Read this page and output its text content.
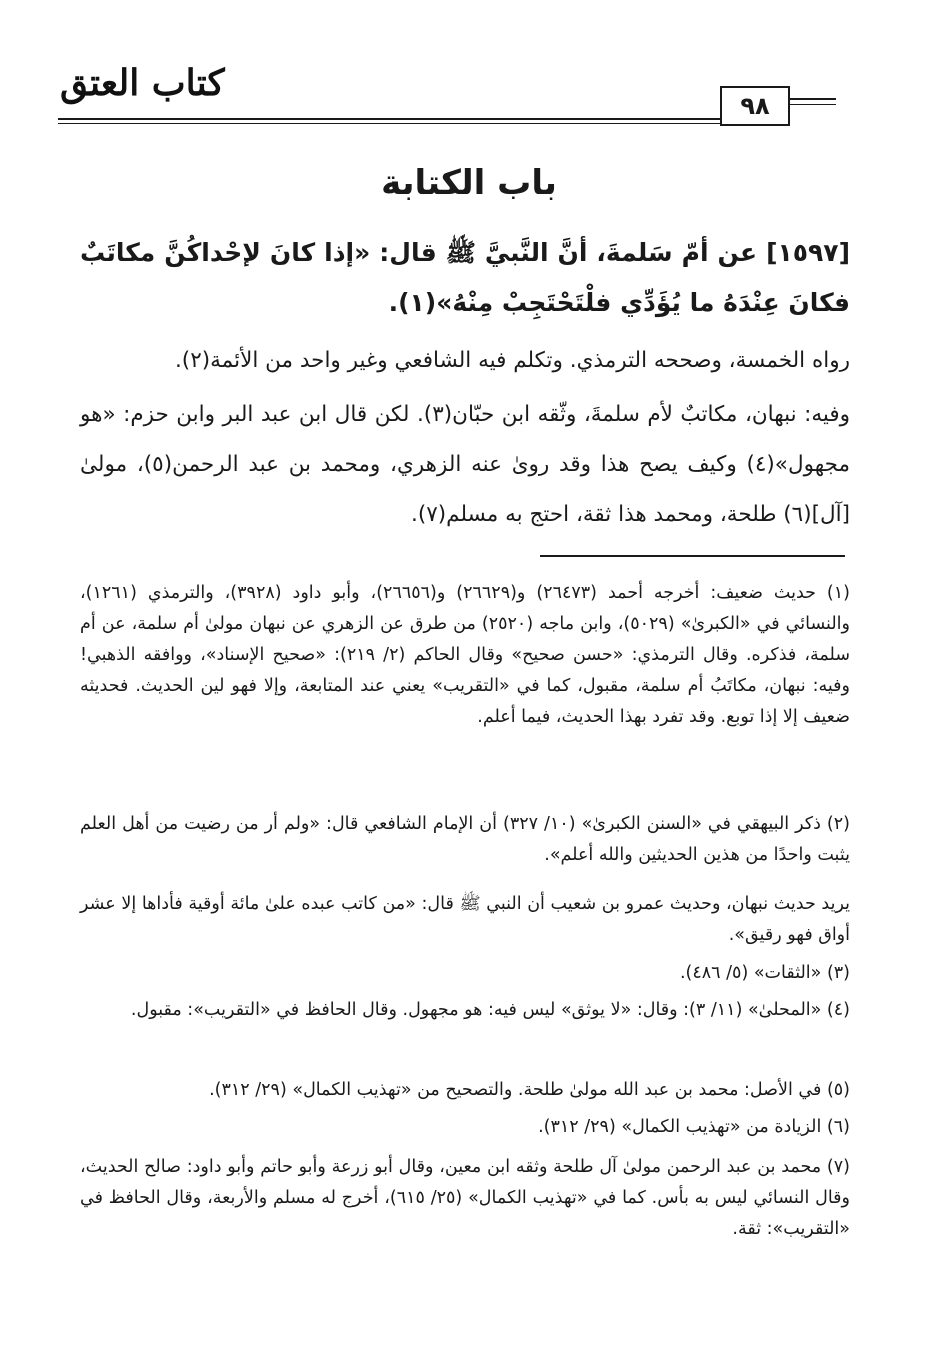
كتاب العتق
٩٨
باب الكتابة
[١٥٩٧] عن أمّ سَلمةَ، أنَّ النَّبيَّ ﷺ قال: «إذا كانَ لإحْداكُنَّ مكاتَبٌ فكانَ عِنْدَهُ ما يُؤَدِّي فلْتَحْتَجِبْ مِنْهُ»(١).
رواه الخمسة، وصححه الترمذي. وتكلم فيه الشافعي وغير واحد من الأئمة(٢).
وفيه: نبهان، مكاتبٌ لأم سلمةَ، وثّقه ابن حبّان(٣). لكن قال ابن عبد البر وابن حزم: «هو مجهول»(٤) وكيف يصح هذا وقد روىٰ عنه الزهري، ومحمد بن عبد الرحمن(٥)، مولىٰ [آل](٦) طلحة، ومحمد هذا ثقة، احتج به مسلم(٧).
(١) حديث ضعيف: أخرجه أحمد (٢٦٤٧٣) و(٢٦٦٢٩) و(٢٦٦٥٦)، وأبو داود (٣٩٢٨)، والترمذي (١٢٦١)، والنسائي في «الكبرىٰ» (٥٠٢٩)، وابن ماجه (٢٥٢٠) من طرق عن الزهري عن نبهان مولىٰ أم سلمة، عن أم سلمة، فذكره. وقال الترمذي: «حسن صحيح» وقال الحاكم (٢/ ٢١٩): «صحيح الإسناد»، ووافقه الذهبي! وفيه: نبهان، مكاتَبُ أم سلمة، مقبول، كما في «التقريب» يعني عند المتابعة، وإلا فهو لين الحديث. فحديثه ضعيف إلا إذا توبع. وقد تفرد بهذا الحديث، فيما أعلم.
(٢) ذكر البيهقي في «السنن الكبرىٰ» (١٠/ ٣٢٧) أن الإمام الشافعي قال: «ولم أر من رضيت من أهل العلم يثبت واحدًا من هذين الحديثين والله أعلم».
يريد حديث نبهان، وحديث عمرو بن شعيب أن النبي ﷺ قال: «من كاتب عبده علىٰ مائة أوقية فأداها إلا عشر أواق فهو رقيق».
(٣) «الثقات» (٥/ ٤٨٦).
(٤) «المحلىٰ» (١١/ ٣): وقال: «لا يوثق» ليس فيه: هو مجهول. وقال الحافظ في «التقريب»: مقبول.
(٥) في الأصل: محمد بن عبد الله مولىٰ طلحة. والتصحيح من «تهذيب الكمال» (٢٩/ ٣١٢).
(٦) الزيادة من «تهذيب الكمال» (٢٩/ ٣١٢).
(٧) محمد بن عبد الرحمن مولىٰ آل طلحة وثقه ابن معين، وقال أبو زرعة وأبو حاتم وأبو داود: صالح الحديث، وقال النسائي ليس به بأس. كما في «تهذيب الكمال» (٢٥/ ٦١٥)، أخرج له مسلم والأربعة، وقال الحافظ في «التقريب»: ثقة.
